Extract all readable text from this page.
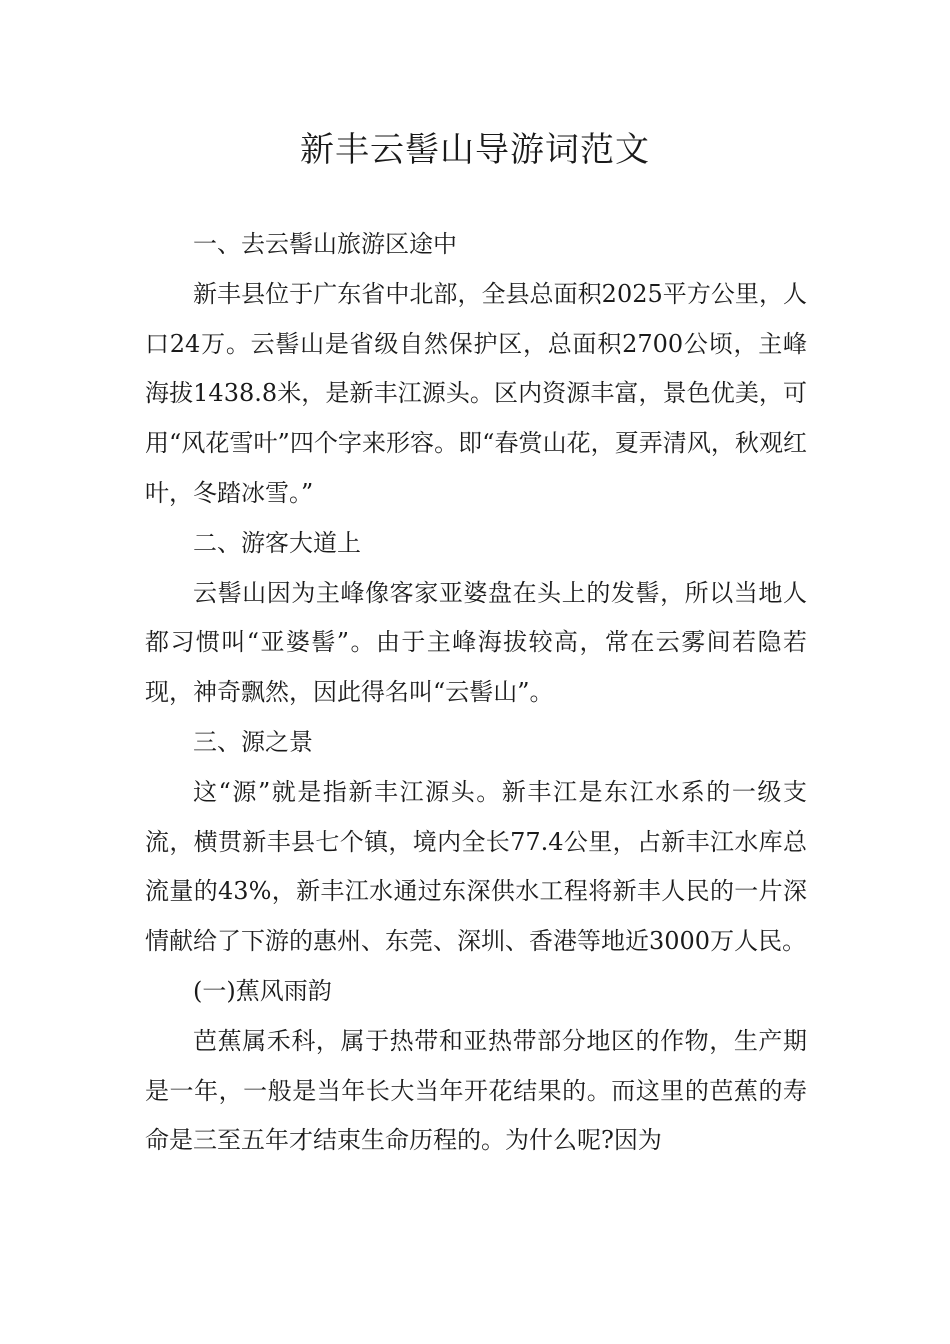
新丰云髻山导游词范文

一、去云髻山旅游区途中

新丰县位于广东省中北部，全县总面积2025平方公里，人口24万。云髻山是省级自然保护区，总面积2700公顷，主峰海拔1438.8米，是新丰江源头。区内资源丰富，景色优美，可用“风花雪叶”四个字来形容。即“春赏山花，夏弄清风，秋观红叶，冬踏冰雪。”

二、游客大道上

云髻山因为主峰像客家亚婆盘在头上的发髻，所以当地人都习惯叫“亚婆髻”。由于主峰海拔较高，常在云雾间若隐若现，神奇飘然，因此得名叫“云髻山”。

三、源之景

这“源”就是指新丰江源头。新丰江是东江水系的一级支流，横贯新丰县七个镇，境内全长77.4公里，占新丰江水库总流量的43%，新丰江水通过东深供水工程将新丰人民的一片深情献给了下游的惠州、东莞、深圳、香港等地近3000万人民。

(一)蕉风雨韵

芭蕉属禾科，属于热带和亚热带部分地区的作物，生产期是一年，一般是当年长大当年开花结果的。而这里的芭蕉的寿命是三至五年才结束生命历程的。为什么呢?因为
